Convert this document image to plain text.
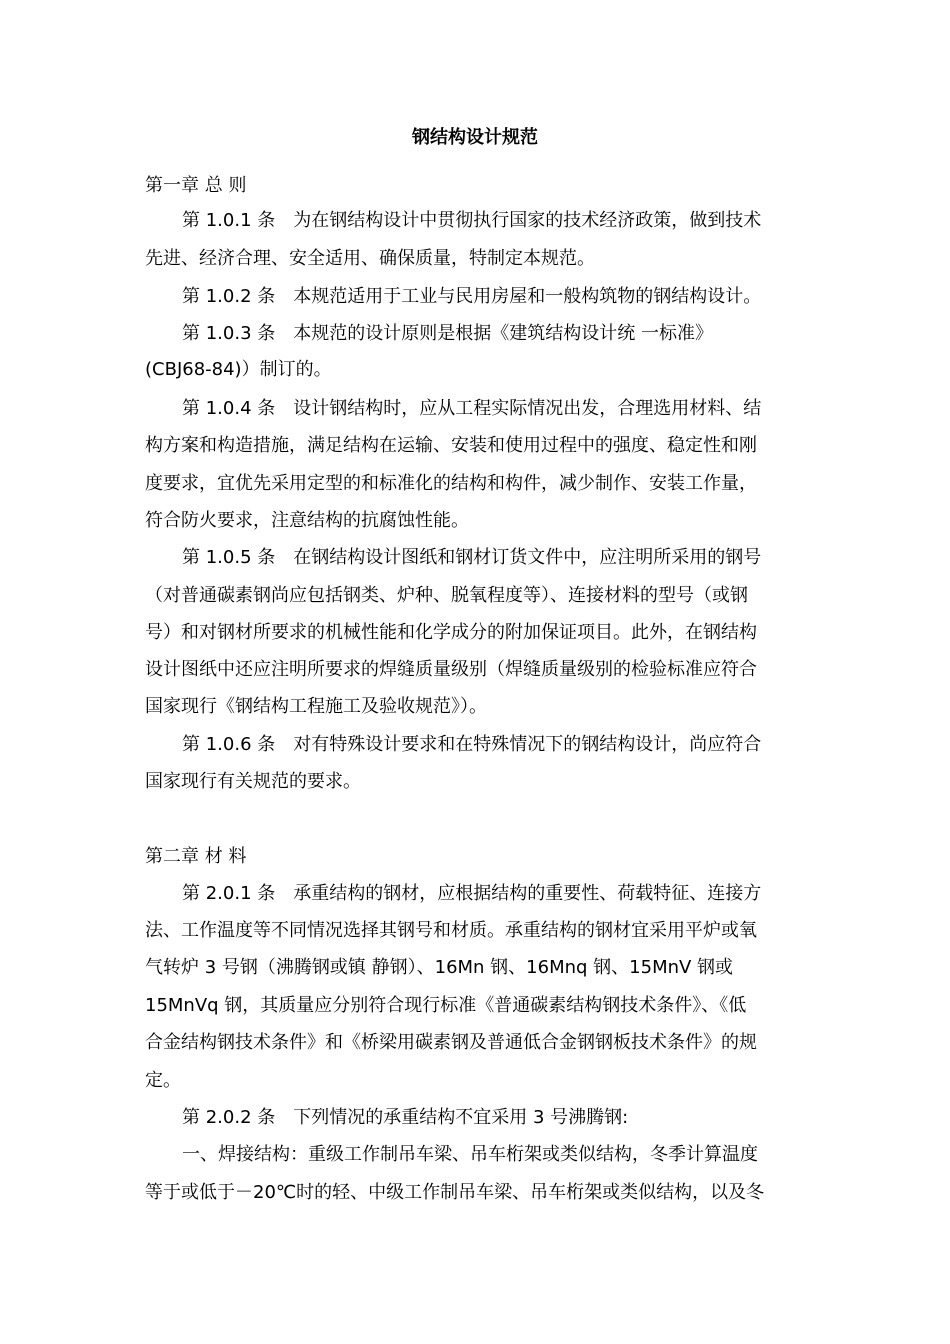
钢结构设计规范
第一章 总 则
第 1.0.1 条　为在钢结构设计中贯彻执行国家的技术经济政策，做到技术
先进、经济合理、安全适用、确保质量，特制定本规范。
第 1.0.2 条　本规范适用于工业与民用房屋和一般构筑物的钢结构设计。
第 1.0.3 条　本规范的设计原则是根据《建筑结构设计统 一标准》
(CBJ68-84)）制订的。
第 1.0.4 条　设计钢结构时，应从工程实际情况出发，合理选用材料、结
构方案和构造措施，满足结构在运输、安装和使用过程中的强度、稳定性和刚
度要求，宜优先采用定型的和标准化的结构和构件，减少制作、安装工作量，
符合防火要求，注意结构的抗腐蚀性能。
第 1.0.5 条　在钢结构设计图纸和钢材订货文件中，应注明所采用的钢号
（对普通碳素钢尚应包括钢类、炉种、脱氧程度等）、连接材料的型号（或钢
号）和对钢材所要求的机械性能和化学成分的附加保证项目。此外，在钢结构
设计图纸中还应注明所要求的焊缝质量级别（焊缝质量级别的检验标准应符合
国家现行《钢结构工程施工及验收规范》）。
第 1.0.6 条　对有特殊设计要求和在特殊情况下的钢结构设计，尚应符合
国家现行有关规范的要求。
第二章 材 料
第 2.0.1 条　承重结构的钢材，应根据结构的重要性、荷载特征、连接方
法、工作温度等不同情况选择其钢号和材质。承重结构的钢材宜采用平炉或氧
气转炉 3 号钢（沸腾钢或镇 静钢）、16Mn 钢、16Mnq 钢、15MnV 钢或
15MnVq 钢，其质量应分别符合现行标准《普通碳素结构钢技术条件》、《低
合金结构钢技术条件》和《桥梁用碳素钢及普通低合金钢钢板技术条件》的规
定。
第 2.0.2 条　下列情况的承重结构不宜采用 3 号沸腾钢:
一、焊接结构：重级工作制吊车梁、吊车桁架或类似结构，冬季计算温度
等于或低于－20℃时的轻、中级工作制吊车梁、吊车桁架或类似结构，以及冬
